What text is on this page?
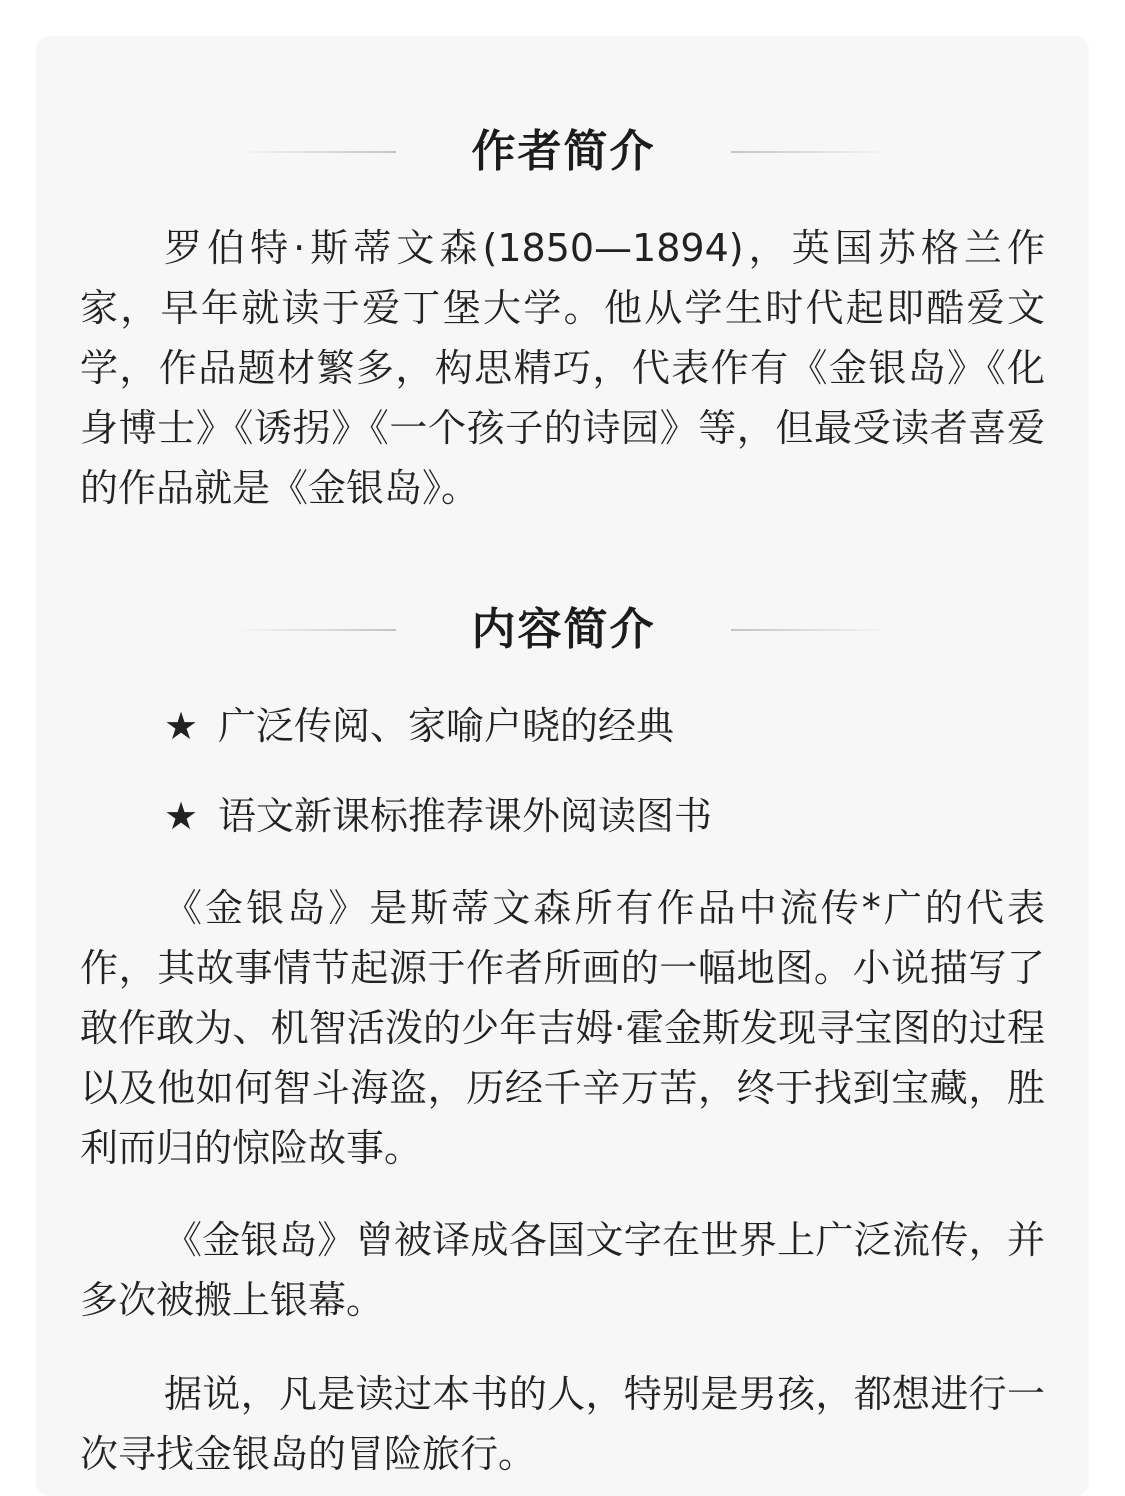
作者简介

罗伯特·斯蒂文森(1850—1894)，英国苏格兰作家，早年就读于爱丁堡大学。他从学生时代起即酷爱文学，作品题材繁多，构思精巧，代表作有《金银岛》《化身博士》《诱拐》《一个孩子的诗园》等，但最受读者喜爱的作品就是《金银岛》。

内容简介

★ 广泛传阅、家喻户晓的经典

★ 语文新课标推荐课外阅读图书

《金银岛》是斯蒂文森所有作品中流传*广的代表作，其故事情节起源于作者所画的一幅地图。小说描写了敢作敢为、机智活泼的少年吉姆·霍金斯发现寻宝图的过程以及他如何智斗海盗，历经千辛万苦，终于找到宝藏，胜利而归的惊险故事。

《金银岛》曾被译成各国文字在世界上广泛流传，并多次被搬上银幕。

据说，凡是读过本书的人，特别是男孩，都想进行一次寻找金银岛的冒险旅行。
